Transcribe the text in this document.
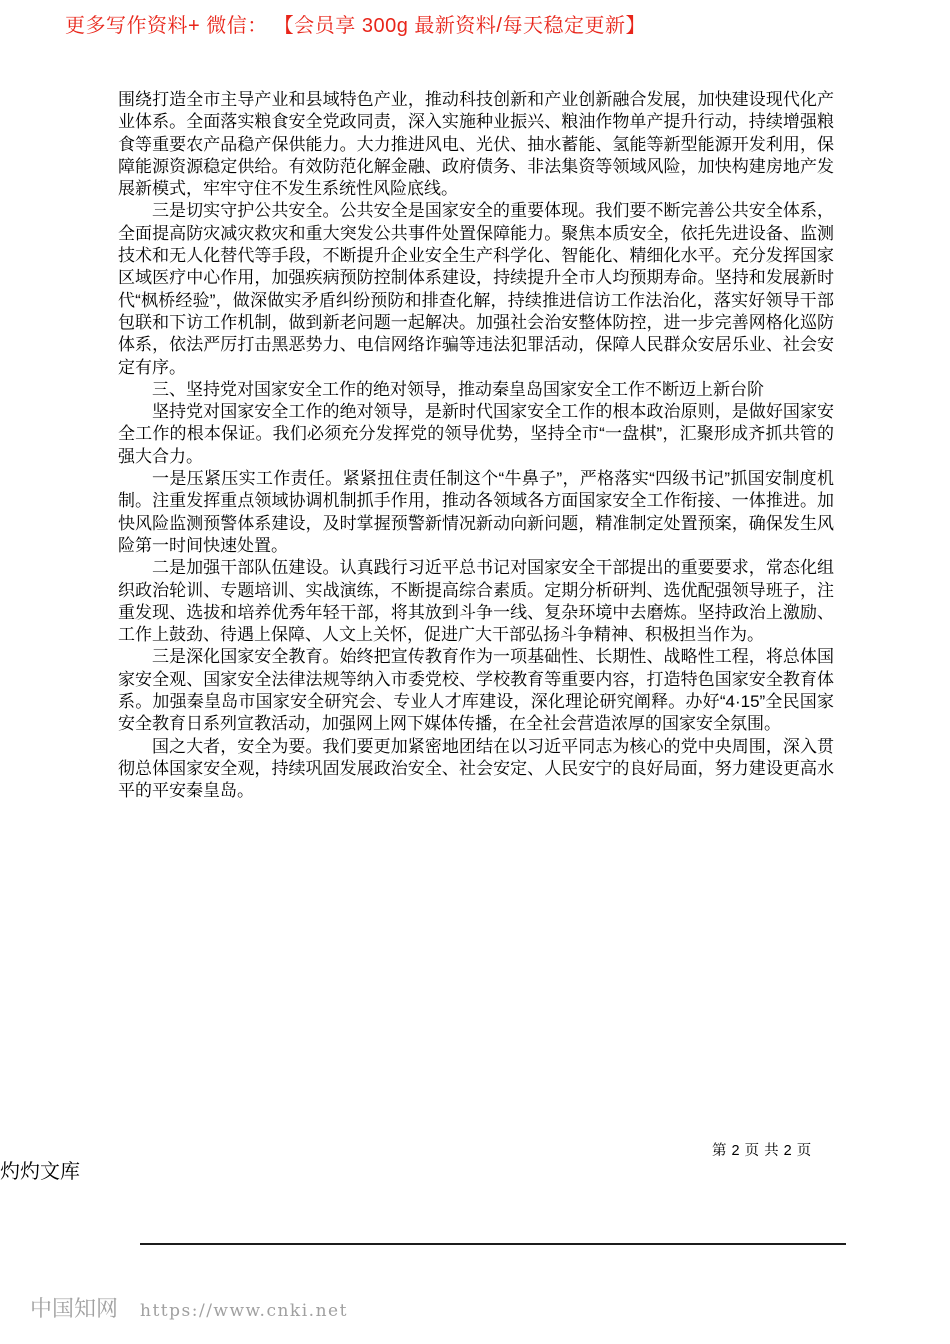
更多写作资料+ 微信： 【会员享 300g 最新资料/每天稳定更新】

围绕打造全市主导产业和县域特色产业，推动科技创新和产业创新融合发展，加快建设现代化产业体系。全面落实粮食安全党政同责，深入实施种业振兴、粮油作物单产提升行动，持续增强粮食等重要农产品稳产保供能力。大力推进风电、光伏、抽水蓄能、氢能等新型能源开发利用，保障能源资源稳定供给。有效防范化解金融、政府债务、非法集资等领域风险，加快构建房地产发展新模式，牢牢守住不发生系统性风险底线。

三是切实守护公共安全。公共安全是国家安全的重要体现。我们要不断完善公共安全体系，全面提高防灾减灾救灾和重大突发公共事件处置保障能力。聚焦本质安全，依托先进设备、监测技术和无人化替代等手段，不断提升企业安全生产科学化、智能化、精细化水平。充分发挥国家区域医疗中心作用，加强疾病预防控制体系建设，持续提升全市人均预期寿命。坚持和发展新时代“枫桥经验”，做深做实矛盾纠纷预防和排查化解，持续推进信访工作法治化，落实好领导干部包联和下访工作机制，做到新老问题一起解决。加强社会治安整体防控，进一步完善网格化巡防体系，依法严厉打击黑恶势力、电信网络诈骗等违法犯罪活动，保障人民群众安居乐业、社会安定有序。

三、坚持党对国家安全工作的绝对领导，推动秦皇岛国家安全工作不断迈上新台阶

坚持党对国家安全工作的绝对领导，是新时代国家安全工作的根本政治原则，是做好国家安全工作的根本保证。我们必须充分发挥党的领导优势，坚持全市“一盘棋”，汇聚形成齐抓共管的强大合力。

一是压紧压实工作责任。紧紧扭住责任制这个“牛鼻子”，严格落实“四级书记”抓国安制度机制。注重发挥重点领域协调机制抓手作用，推动各领域各方面国家安全工作衔接、一体推进。加快风险监测预警体系建设，及时掌握预警新情况新动向新问题，精准制定处置预案，确保发生风险第一时间快速处置。

二是加强干部队伍建设。认真践行习近平总书记对国家安全干部提出的重要要求，常态化组织政治轮训、专题培训、实战演练，不断提高综合素质。定期分析研判、选优配强领导班子，注重发现、选拔和培养优秀年轻干部，将其放到斗争一线、复杂环境中去磨炼。坚持政治上激励、工作上鼓劲、待遇上保障、人文上关怀，促进广大干部弘扬斗争精神、积极担当作为。

三是深化国家安全教育。始终把宣传教育作为一项基础性、长期性、战略性工程，将总体国家安全观、国家安全法律法规等纳入市委党校、学校教育等重要内容，打造特色国家安全教育体系。加强秦皇岛市国家安全研究会、专业人才库建设，深化理论研究阐释。办好“4·15”全民国家安全教育日系列宣教活动，加强网上网下媒体传播，在全社会营造浓厚的国家安全氛围。

国之大者，安全为要。我们要更加紧密地团结在以习近平同志为核心的党中央周围，深入贯彻总体国家安全观，持续巩固发展政治安全、社会安定、人民安宁的良好局面，努力建设更高水平的平安秦皇岛。

第 2 页 共 2 页
灼灼文库
中国知网 https://www.cnki.net
